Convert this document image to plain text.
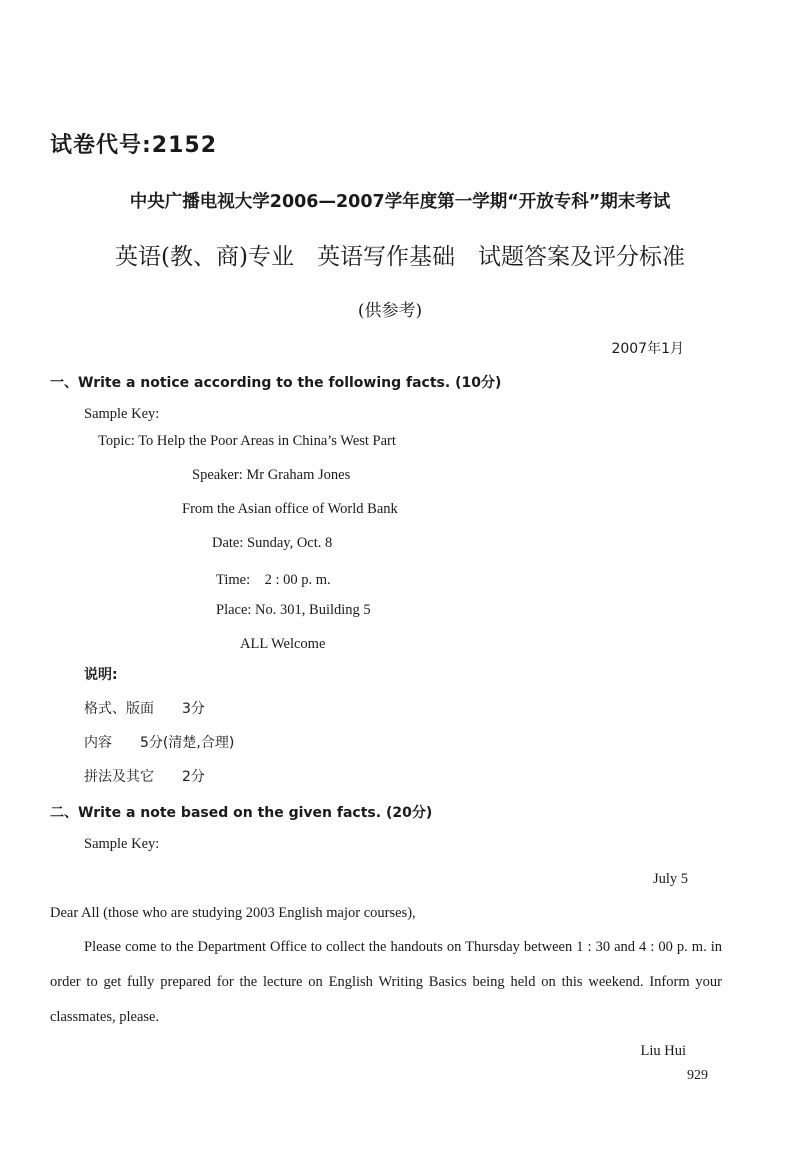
试卷代号:2152
中央广播电视大学2006—2007学年度第一学期“开放专科”期末考试
英语(教、商)专业　英语写作基础　试题答案及评分标准
(供参考)
2007年1月
一、Write a notice according to the following facts. (10分)
Sample Key:
Topic: To Help the Poor Areas in China’s West Part
Speaker: Mr Graham Jones
From the Asian office of World Bank
Date: Sunday, Oct. 8
Time:　2 : 00 p. m.
Place: No. 301, Building 5
ALL Welcome
说明:
格式、版面　　3分
内容　　5分(清楚,合理)
拼法及其它　　2分
二、Write a note based on the given facts. (20分)
Sample Key:
July 5
Dear All (those who are studying 2003 English major courses),
Please come to the Department Office to collect the handouts on Thursday between 1 : 30 and 4 : 00 p. m. in order to get fully prepared for the lecture on English Writing Basics being held on this weekend. Inform your classmates, please.
Liu Hui
929
